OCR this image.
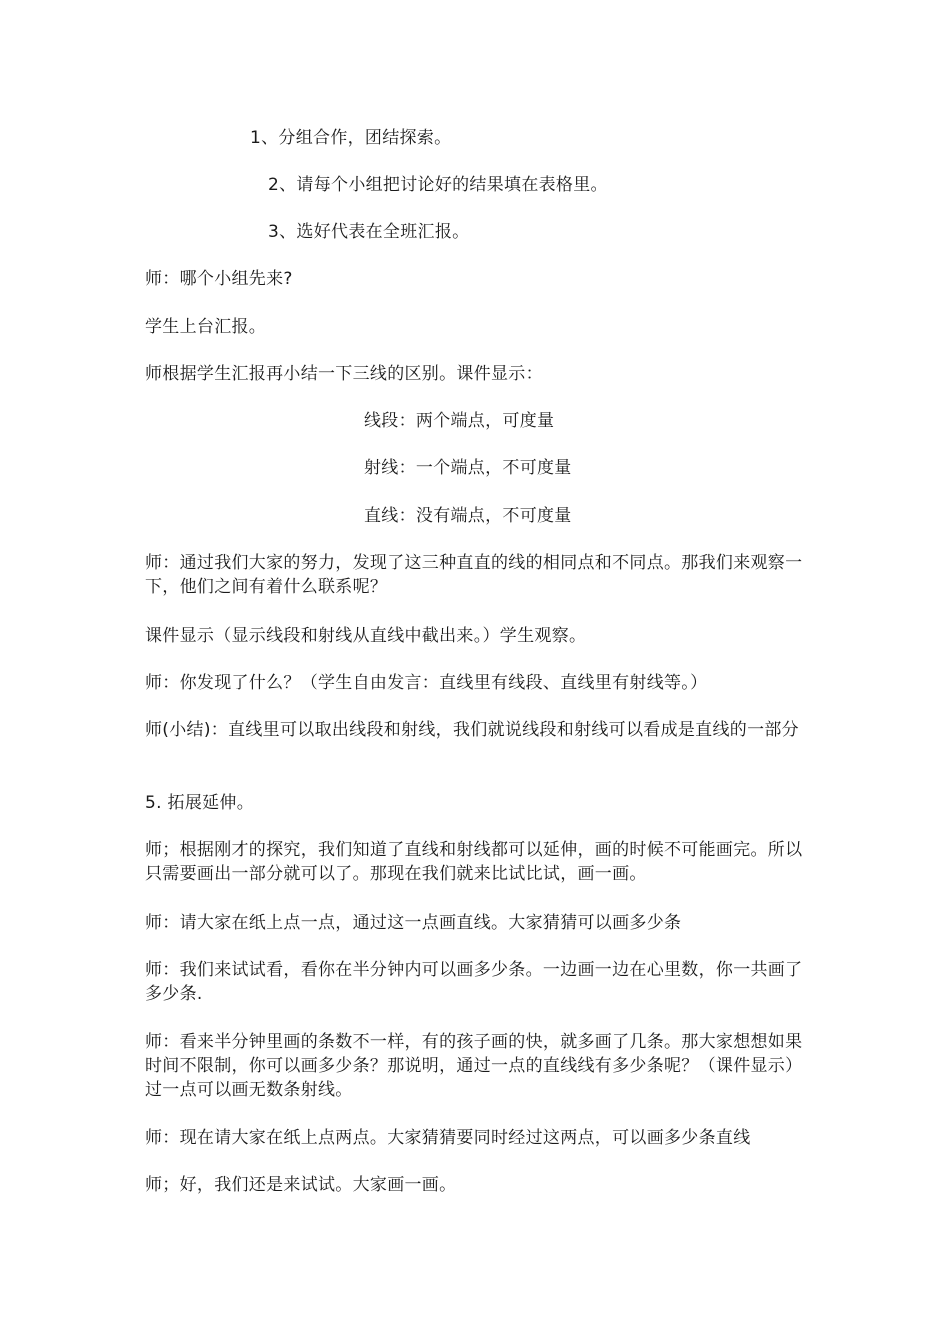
1、分组合作，团结探索。
2、请每个小组把讨论好的结果填在表格里。
3、选好代表在全班汇报。
师：哪个小组先来?
学生上台汇报。
师根据学生汇报再小结一下三线的区别。课件显示：
线段：两个端点，可度量
射线：一个端点，不可度量
直线：没有端点，不可度量
师：通过我们大家的努力，发现了这三种直直的线的相同点和不同点。那我们来观察一下，他们之间有着什么联系呢？
课件显示（显示线段和射线从直线中截出来。）学生观察。
师：你发现了什么？（学生自由发言：直线里有线段、直线里有射线等。）
师(小结)：直线里可以取出线段和射线，我们就说线段和射线可以看成是直线的一部分
5. 拓展延伸。
师；根据刚才的探究，我们知道了直线和射线都可以延伸，画的时候不可能画完。所以只需要画出一部分就可以了。那现在我们就来比试比试，画一画。
师：请大家在纸上点一点，通过这一点画直线。大家猜猜可以画多少条
师：我们来试试看，看你在半分钟内可以画多少条。一边画一边在心里数，你一共画了多少条.
师：看来半分钟里画的条数不一样，有的孩子画的快，就多画了几条。那大家想想如果时间不限制，你可以画多少条？那说明，通过一点的直线线有多少条呢？（课件显示）过一点可以画无数条射线。
师：现在请大家在纸上点两点。大家猜猜要同时经过这两点，可以画多少条直线
师；好，我们还是来试试。大家画一画。
